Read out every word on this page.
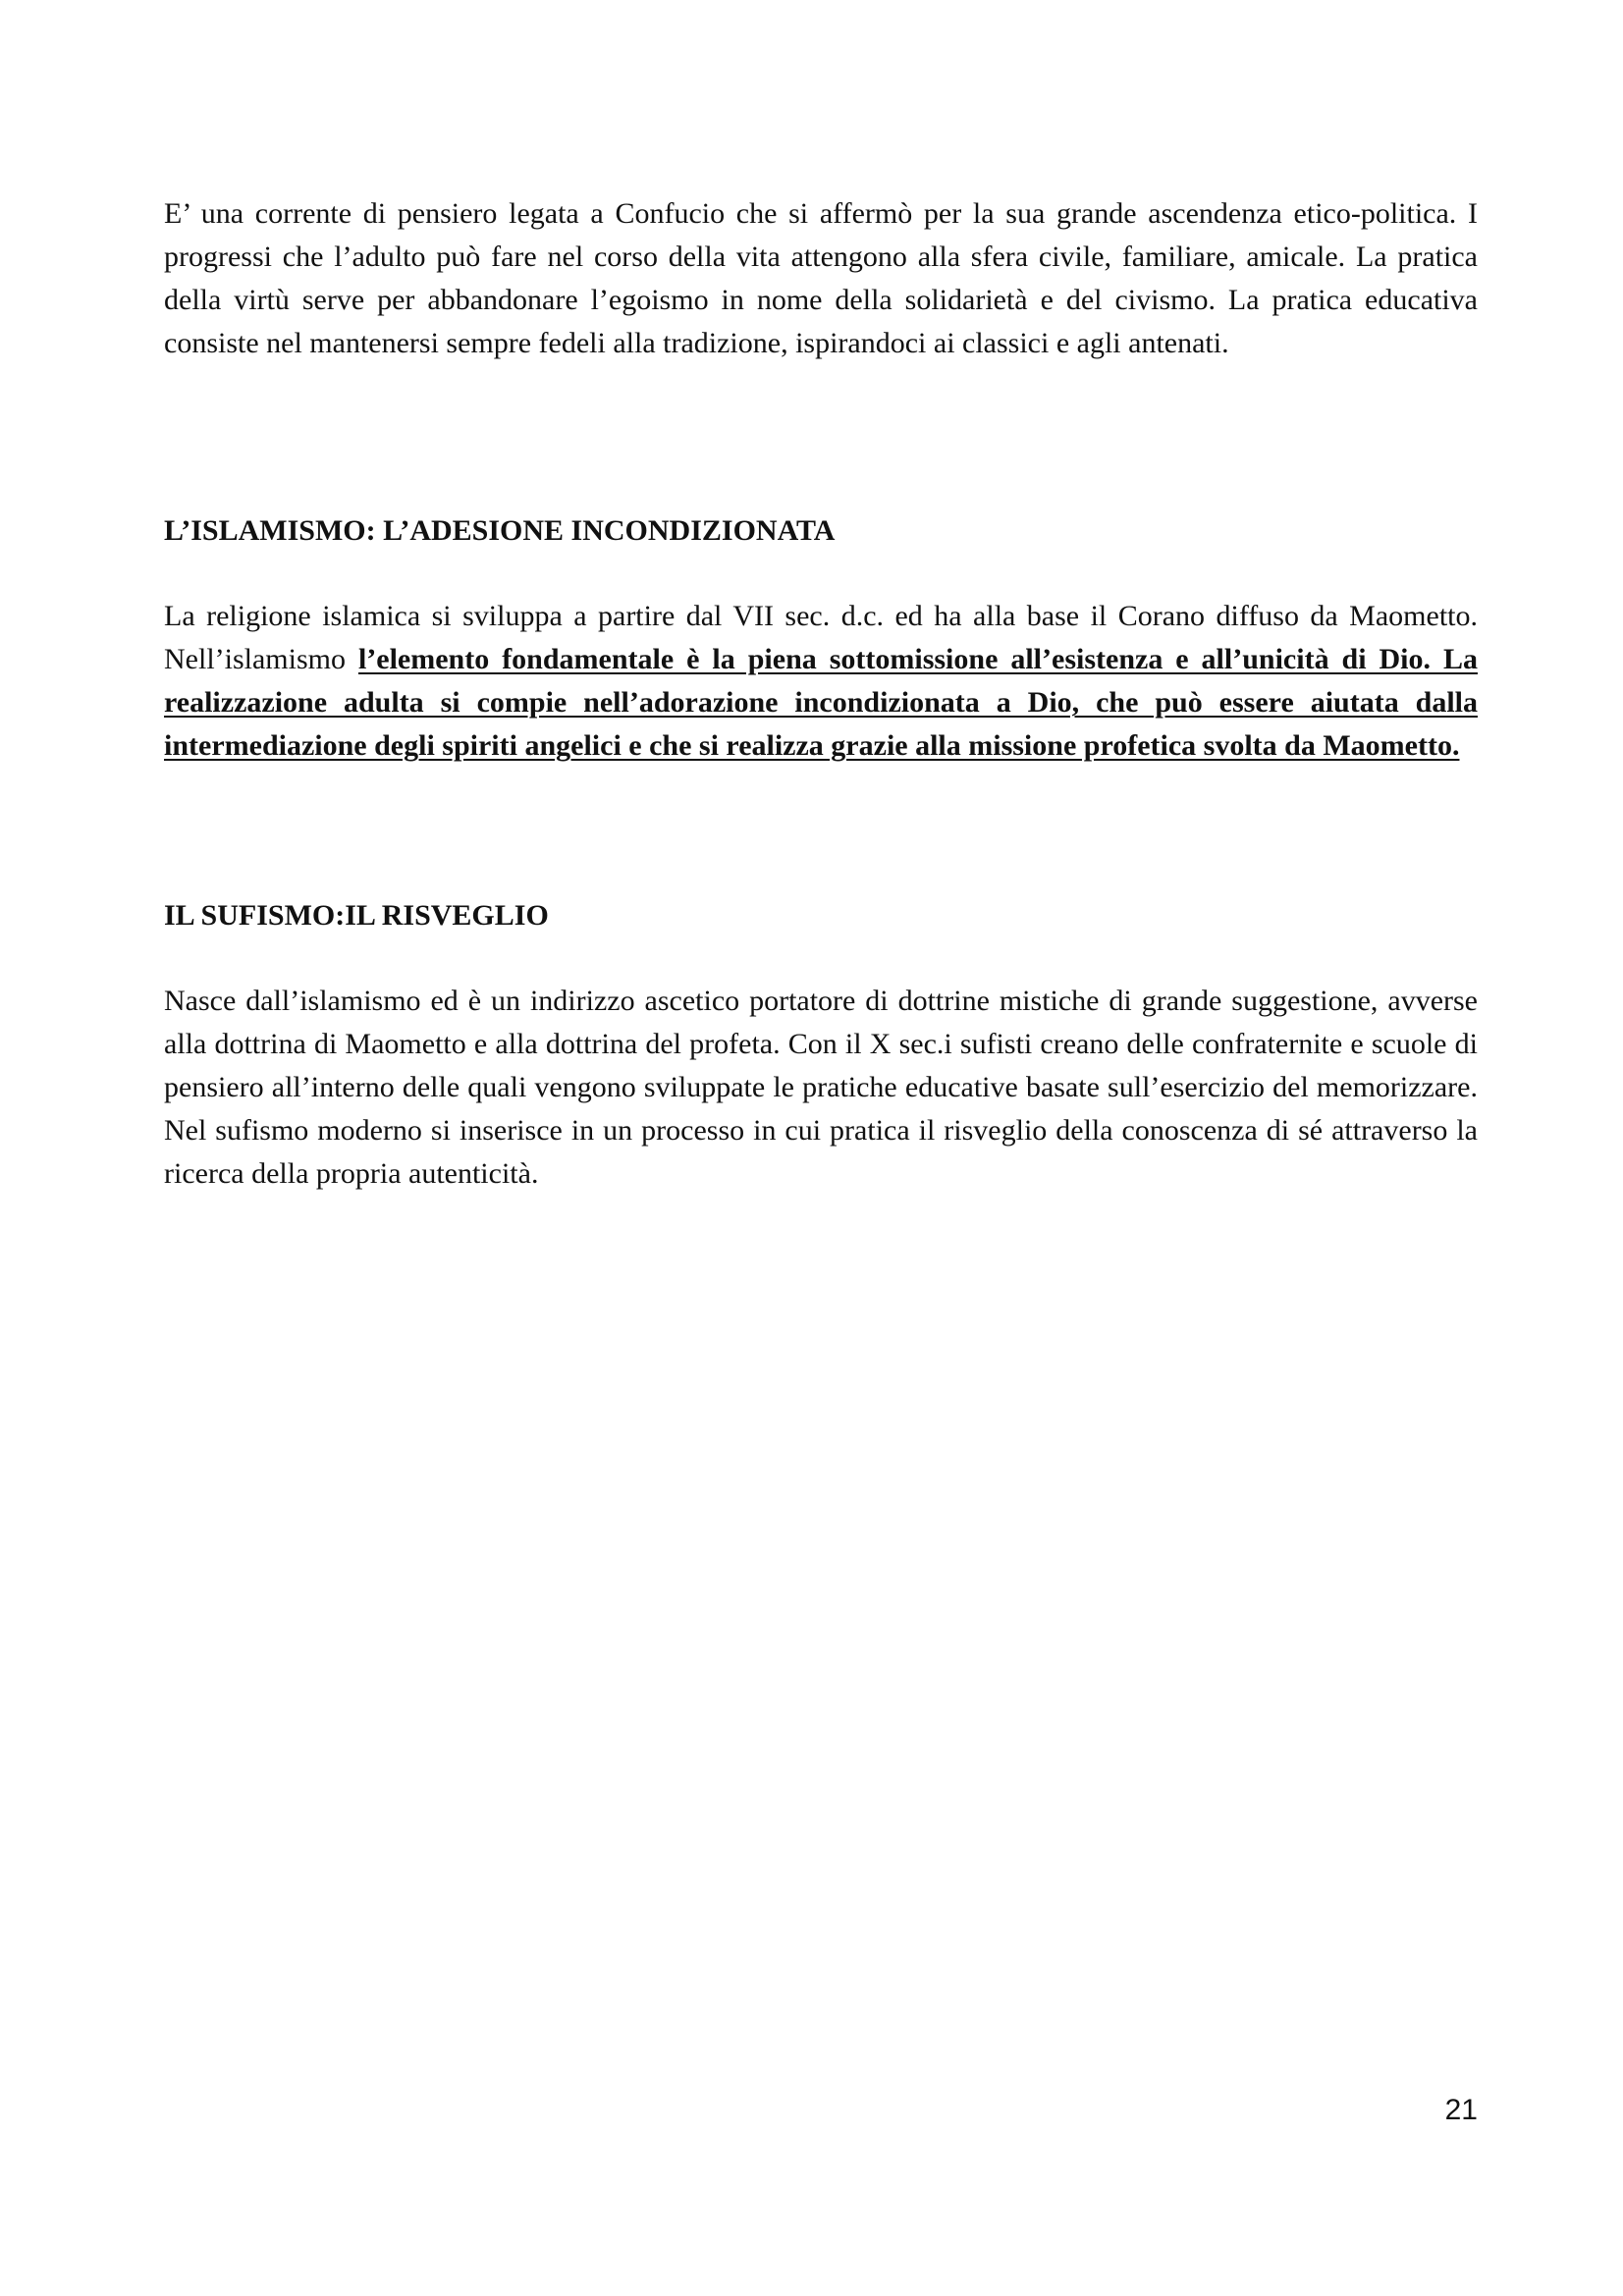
E’ una corrente di pensiero legata a Confucio che si affermò per la sua grande ascendenza etico-politica. I progressi che l’adulto può fare nel corso della vita attengono alla sfera civile, familiare, amicale. La pratica della virtù serve per abbandonare l’egoismo in nome della solidarietà e del civismo. La pratica educativa consiste nel mantenersi sempre fedeli alla tradizione, ispirandoci ai classici e agli antenati.

L’ISLAMISMO: L’ADESIONE INCONDIZIONATA

La religione islamica si sviluppa a partire dal VII sec. d.c. ed ha alla base il Corano diffuso da Maometto. Nell’islamismo l’elemento fondamentale è la piena sottomissione all’esistenza e all’unicità di Dio. La realizzazione adulta si compie nell’adorazione incondizionata a Dio, che può essere aiutata dalla intermediazione degli spiriti angelici e che si realizza grazie alla missione profetica svolta da Maometto.

IL SUFISMO:IL RISVEGLIO

Nasce dall’islamismo ed è un indirizzo ascetico portatore di dottrine mistiche di grande suggestione, avverse alla dottrina di Maometto e alla dottrina del profeta. Con il X sec.i sufisti creano delle confraternite e scuole di pensiero all’interno delle quali vengono sviluppate le pratiche educative basate sull’esercizio del memorizzare. Nel sufismo moderno si inserisce in un processo in cui pratica il risveglio della conoscenza di sé attraverso la ricerca della propria autenticità.

21
